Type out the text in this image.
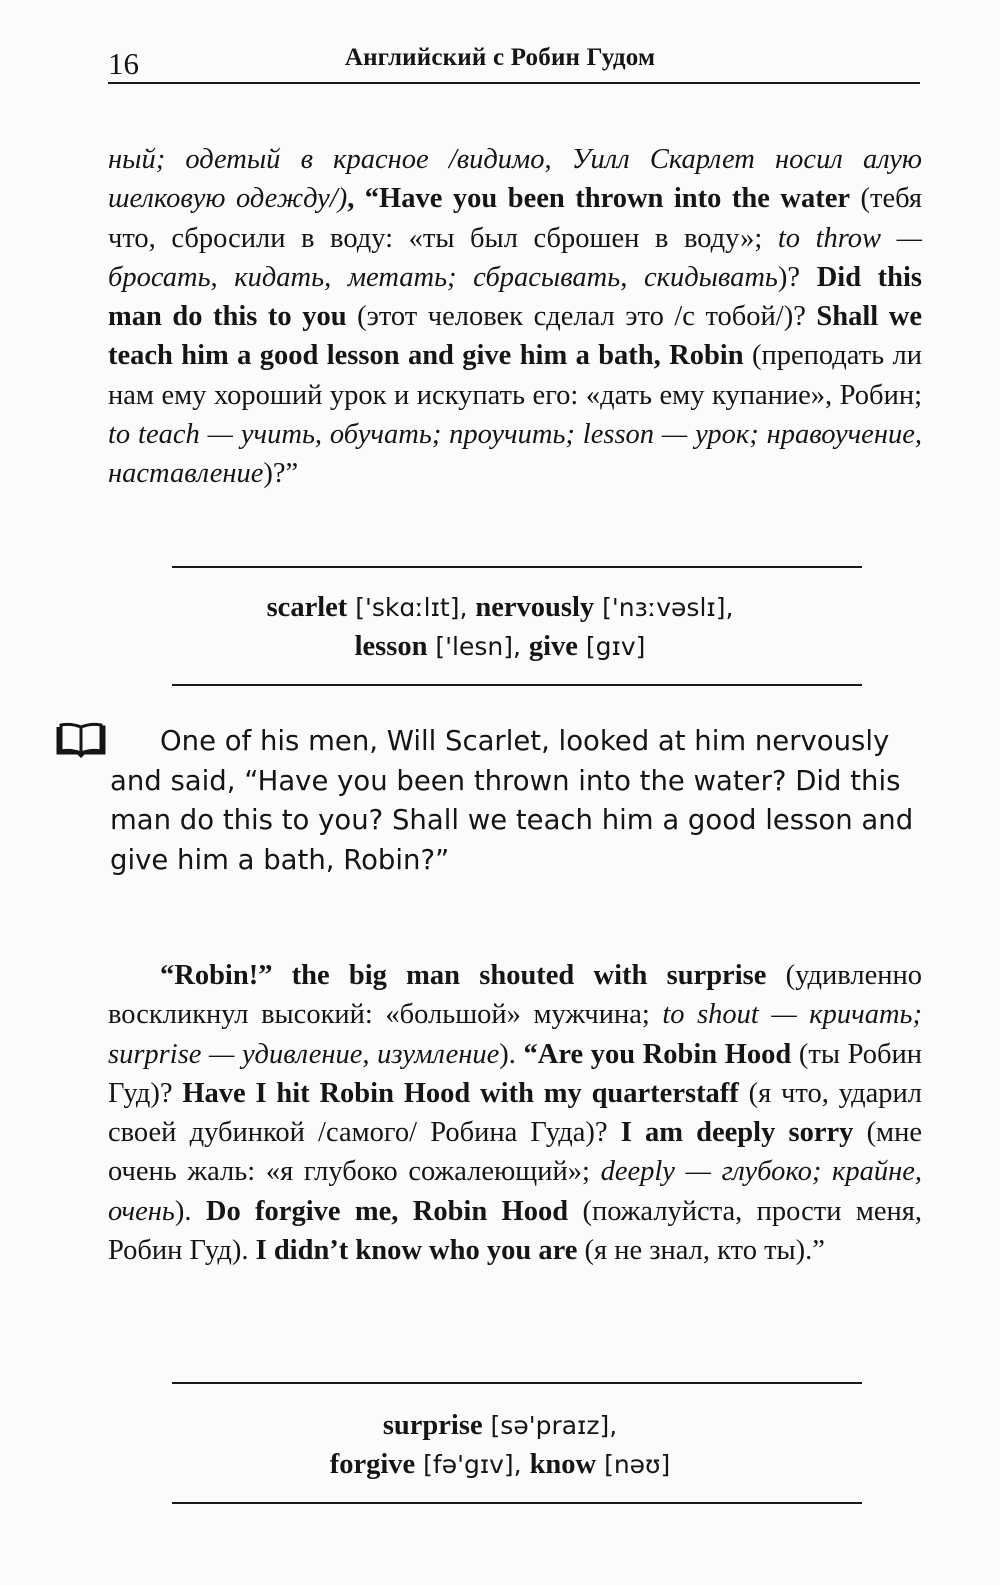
16	Английский с Робин Гудом

ный; одетый в красное /видимо, Уилл Скарлет носил алую шелковую одежду/), “Have you been thrown into the water (тебя что, сбросили в воду: «ты был сброшен в воду»; to throw — бросать, кидать, метать; сбрасывать, скидывать)? Did this man do this to you (этот человек сделал это /с тобой/)? Shall we teach him a good lesson and give him a bath, Robin (преподать ли нам ему хороший урок и искупать его: «дать ему купание», Робин; to teach — учить, обучать; проучить; lesson — урок; нравоучение, наставление)?”

scarlet ['skɑːlɪt], nervously ['nɜːvəslɪ],
lesson ['lesn], give [gɪv]

One of his men, Will Scarlet, looked at him nervously and said, “Have you been thrown into the water? Did this man do this to you? Shall we teach him a good lesson and give him a bath, Robin?”

“Robin!” the big man shouted with surprise (удивленно воскликнул высокий: «большой» мужчина; to shout — кричать; surprise — удивление, изумление). “Are you Robin Hood (ты Робин Гуд)? Have I hit Robin Hood with my quarterstaff (я что, ударил своей дубинкой /самого/ Робина Гуда)? I am deeply sorry (мне очень жаль: «я глубоко сожалеющий»; deeply — глубоко; крайне, очень). Do forgive me, Robin Hood (пожалуйста, прости меня, Робин Гуд). I didn’t know who you are (я не знал, кто ты).”

surprise [sə'praɪz],
forgive [fə'gɪv], know [nəʊ]
